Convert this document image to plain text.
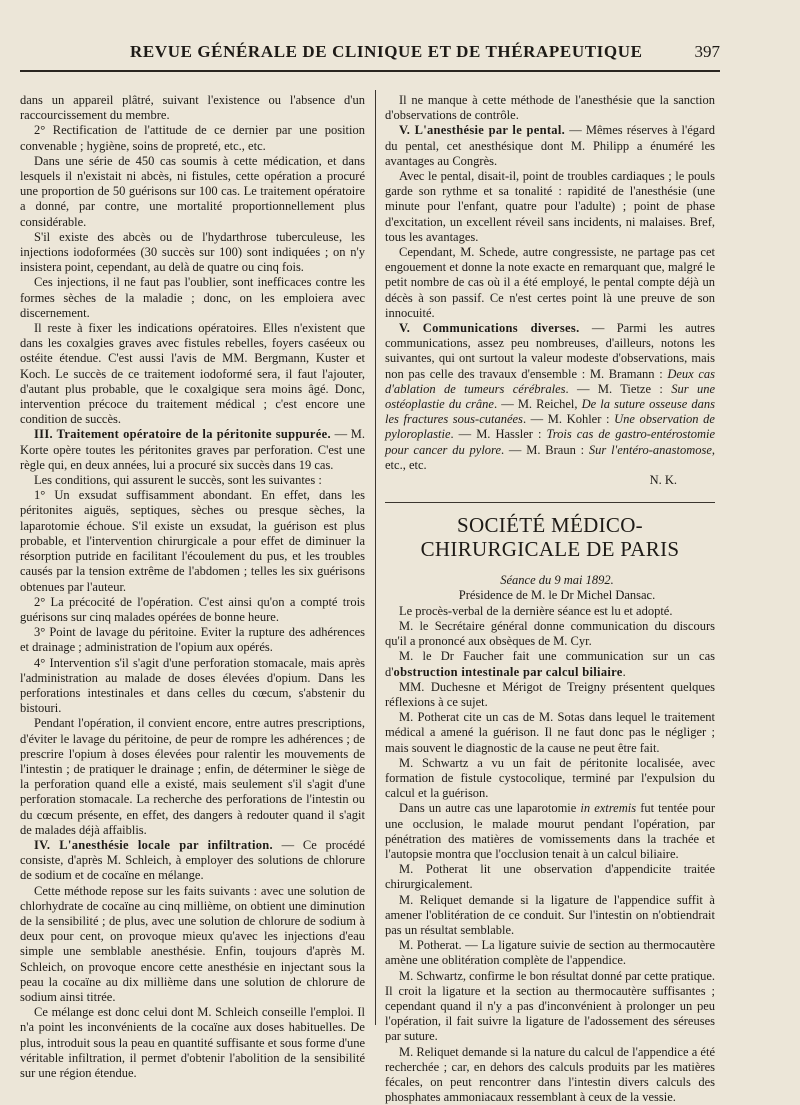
REVUE GÉNÉRALE DE CLINIQUE ET DE THÉRAPEUTIQUE	397

dans un appareil plâtré, suivant l'existence ou l'absence d'un raccourcissement du membre.

2° Rectification de l'attitude de ce dernier par une position convenable ; hygiène, soins de propreté, etc., etc.

Dans une série de 450 cas soumis à cette médication, et dans lesquels il n'existait ni abcès, ni fistules, cette opération a procuré une proportion de 50 guérisons sur 100 cas. Le traitement opératoire a donné, par contre, une mortalité proportionnellement plus considérable.

S'il existe des abcès ou de l'hydarthrose tuberculeuse, les injections iodoformées (30 succès sur 100) sont indiquées ; on n'y insistera point, cependant, au delà de quatre ou cinq fois.

Ces injections, il ne faut pas l'oublier, sont inefficaces contre les formes sèches de la maladie ; donc, on les emploiera avec discernement.

Il reste à fixer les indications opératoires. Elles n'existent que dans les coxalgies graves avec fistules rebelles, foyers caséeux ou ostéite étendue. C'est aussi l'avis de MM. Bergmann, Kuster et Koch. Le succès de ce traitement iodoformé sera, il faut l'ajouter, d'autant plus probable, que le coxalgique sera moins âgé. Donc, intervention précoce du traitement médical ; c'est encore une condition de succès.

III. Traitement opératoire de la péritonite suppurée. — M. Korte opère toutes les péritonites graves par perforation. C'est une règle qui, en deux années, lui a procuré six succès dans 19 cas.

Les conditions, qui assurent le succès, sont les suivantes :

1° Un exsudat suffisamment abondant. En effet, dans les péritonites aiguës, septiques, sèches ou presque sèches, la laparotomie échoue. S'il existe un exsudat, la guérison est plus probable, et l'intervention chirurgicale a pour effet de diminuer la résorption putride en facilitant l'écoulement du pus, et les troubles causés par la tension extrême de l'abdomen ; telles les six guérisons obtenues par l'auteur.

2° La précocité de l'opération. C'est ainsi qu'on a compté trois guérisons sur cinq malades opérées de bonne heure.

3° Point de lavage du péritoine. Eviter la rupture des adhérences et drainage ; administration de l'opium aux opérés.

4° Intervention s'il s'agit d'une perforation stomacale, mais après l'administration au malade de doses élevées d'opium. Dans les perforations intestinales et dans celles du cœcum, s'abstenir du bistouri.

Pendant l'opération, il convient encore, entre autres prescriptions, d'éviter le lavage du péritoine, de peur de rompre les adhérences ; de prescrire l'opium à doses élevées pour ralentir les mouvements de l'intestin ; de pratiquer le drainage ; enfin, de déterminer le siège de la perforation quand elle a existé, mais seulement s'il s'agit d'une perforation stomacale. La recherche des perforations de l'intestin ou du cœcum présente, en effet, des dangers à redouter quand il s'agit de malades déjà affaiblis.

IV. L'anesthésie locale par infiltration. — Ce procédé consiste, d'après M. Schleich, à employer des solutions de chlorure de sodium et de cocaïne en mélange.

Cette méthode repose sur les faits suivants : avec une solution de chlorhydrate de cocaïne au cinq millième, on obtient une diminution de la sensibilité ; de plus, avec une solution de chlorure de sodium à deux pour cent, on provoque mieux qu'avec les injections d'eau simple une semblable anesthésie. Enfin, toujours d'après M. Schleich, on provoque encore cette anesthésie en injectant sous la peau la cocaïne au dix millième dans une solution de chlorure de sodium ainsi titrée.

Ce mélange est donc celui dont M. Schleich conseille l'emploi. Il n'a point les inconvénients de la cocaïne aux doses habituelles. De plus, introduit sous la peau en quantité suffisante et sous forme d'une véritable infiltration, il permet d'obtenir l'abolition de la sensibilité sur une région étendue.

Il ne manque à cette méthode de l'anesthésie que la sanction d'observations de contrôle.

V. L'anesthésie par le pental. — Mêmes réserves à l'égard du pental, cet anesthésique dont M. Philipp a énuméré les avantages au Congrès.

Avec le pental, disait-il, point de troubles cardiaques ; le pouls garde son rythme et sa tonalité : rapidité de l'anesthésie (une minute pour l'enfant, quatre pour l'adulte) ; point de phase d'excitation, un excellent réveil sans incidents, ni malaises. Bref, tous les avantages.

Cependant, M. Schede, autre congressiste, ne partage pas cet engouement et donne la note exacte en remarquant que, malgré le petit nombre de cas où il a été employé, le pental compte déjà un décès à son passif. Ce n'est certes point là une preuve de son innocuité.

V. Communications diverses. — Parmi les autres communications, assez peu nombreuses, d'ailleurs, notons les suivantes, qui ont surtout la valeur modeste d'observations, mais non pas celle des travaux d'ensemble : M. Bramann : Deux cas d'ablation de tumeurs cérébrales. — M. Tietze : Sur une ostéoplastie du crâne. — M. Reichel, De la suture osseuse dans les fractures sous-cutanées. — M. Kohler : Une observation de pyloroplastie. — M. Hassler : Trois cas de gastro-entérostomie pour cancer du pylore. — M. Braun : Sur l'entéro-anastomose, etc., etc.

N. K.

SOCIÉTÉ MÉDICO-CHIRURGICALE DE PARIS

Séance du 9 mai 1892.

Présidence de M. le Dr Michel Dansac.

Le procès-verbal de la dernière séance est lu et adopté.

M. le Secrétaire général donne communication du discours qu'il a prononcé aux obsèques de M. Cyr.

M. le Dr Faucher fait une communication sur un cas d'obstruction intestinale par calcul biliaire.

MM. Duchesne et Mérigot de Treigny présentent quelques réflexions à ce sujet.

M. Potherat cite un cas de M. Sotas dans lequel le traitement médical a amené la guérison. Il ne faut donc pas le négliger ; mais souvent le diagnostic de la cause ne peut être fait.

M. Schwartz a vu un fait de péritonite localisée, avec formation de fistule cystocolique, terminé par l'expulsion du calcul et la guérison.

Dans un autre cas une laparotomie in extremis fut tentée pour une occlusion, le malade mourut pendant l'opération, par pénétration des matières de vomissements dans la trachée et l'autopsie montra que l'occlusion tenait à un calcul biliaire.

M. Potherat lit une observation d'appendicite traitée chirurgicalement.

M. Reliquet demande si la ligature de l'appendice suffit à amener l'oblitération de ce conduit. Sur l'intestin on n'obtiendrait pas un résultat semblable.

M. Potherat. — La ligature suivie de section au thermocautère amène une oblitération complète de l'appendice.

M. Schwartz, confirme le bon résultat donné par cette pratique. Il croit la ligature et la section au thermocautère suffisantes ; cependant quand il n'y a pas d'inconvénient à prolonger un peu l'opération, il fait suivre la ligature de l'adossement des séreuses par suture.

M. Reliquet demande si la nature du calcul de l'appendice a été recherchée ; car, en dehors des calculs produits par les matières fécales, on peut rencontrer dans l'intestin divers calculs des phosphates ammoniacaux ressemblant à ceux de la vessie.
